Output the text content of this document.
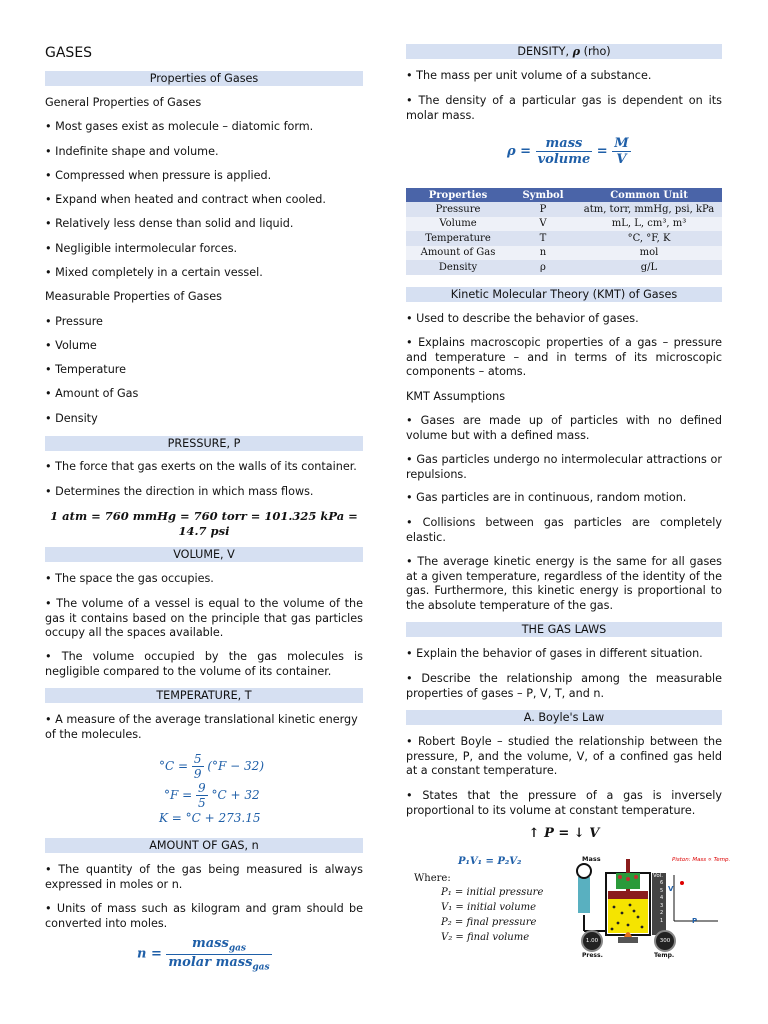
GASES
Properties of Gases
General Properties of Gases
• Most gases exist as molecule – diatomic form.
• Indefinite shape and volume.
• Compressed when pressure is applied.
• Expand when heated and contract when cooled.
• Relatively less dense than solid and liquid.
• Negligible intermolecular forces.
• Mixed completely in a certain vessel.
Measurable Properties of Gases
• Pressure
• Volume
• Temperature
• Amount of Gas
• Density
PRESSURE, P
• The force that gas exerts on the walls of its container.
• Determines the direction in which mass flows.
1 atm = 760 mmHg = 760 torr = 101.325 kPa = 14.7 psi
VOLUME, V
• The space the gas occupies.
• The volume of a vessel is equal to the volume of the gas it contains based on the principle that gas particles occupy all the spaces available.
• The volume occupied by the gas molecules is negligible compared to the volume of its container.
TEMPERATURE, T
• A measure of the average translational kinetic energy of the molecules.
$^\circ C = \frac{5}{9} (^\circ F - 32)$
$^\circ F = \frac{9}{5} ^\circ C + 32$
K = °C + 273.15
AMOUNT OF GAS, n
• The quantity of the gas being measured is always expressed in moles or n.
• Units of mass such as kilogram and gram should be converted into moles.
$n = \frac{mass_{gas}}{molar mass_{gas}}$
DENSITY, ρ (rho)
• The mass per unit volume of a substance.
• The density of a particular gas is dependent on its molar mass.
$\rho = \frac{\text{mass}}{\text{volume}} = \frac{M}{V}$
Properties	Symbol	Common Unit
Pressure	P	atm, torr, mmHg, psi, kPa
Volume	V	mL, L, cm³, m³
Temperature	T	°C, °F, K
Amount of Gas	n	mol
Density	ρ	g/L
Kinetic Molecular Theory (KMT) of Gases
• Used to describe the behavior of gases.
• Explains macroscopic properties of a gas – pressure and temperature – and in terms of its microscopic components – atoms.
KMT Assumptions
• Gases are made up of particles with no defined volume but with a defined mass.
• Gas particles undergo no intermolecular attractions or repulsions.
• Gas particles are in continuous, random motion.
• Collisions between gas particles are completely elastic.
• The average kinetic energy is the same for all gases at a given temperature, regardless of the identity of the gas. Furthermore, this kinetic energy is proportional to the absolute temperature of the gas.
THE GAS LAWS
• Explain the behavior of gases in different situation.
• Describe the relationship among the measurable properties of gases – P, V, T, and n.
A. Boyle's Law
• Robert Boyle – studied the relationship between the pressure, P, and the volume, V, of a confined gas held at a constant temperature.
• States that the pressure of a gas is inversely proportional to its volume at constant temperature.
↑ P = ↓ V
P₁V₁ = P₂V₂
Where:
P₁ = initial pressure
V₁ = initial volume
P₂ = final pressure
V₂ = final volume
Mass	Piston: Mass ∝ Temp.
Vol.
6
5
4
3
2
1
V
P
1.00	300
Press.	Temp.
